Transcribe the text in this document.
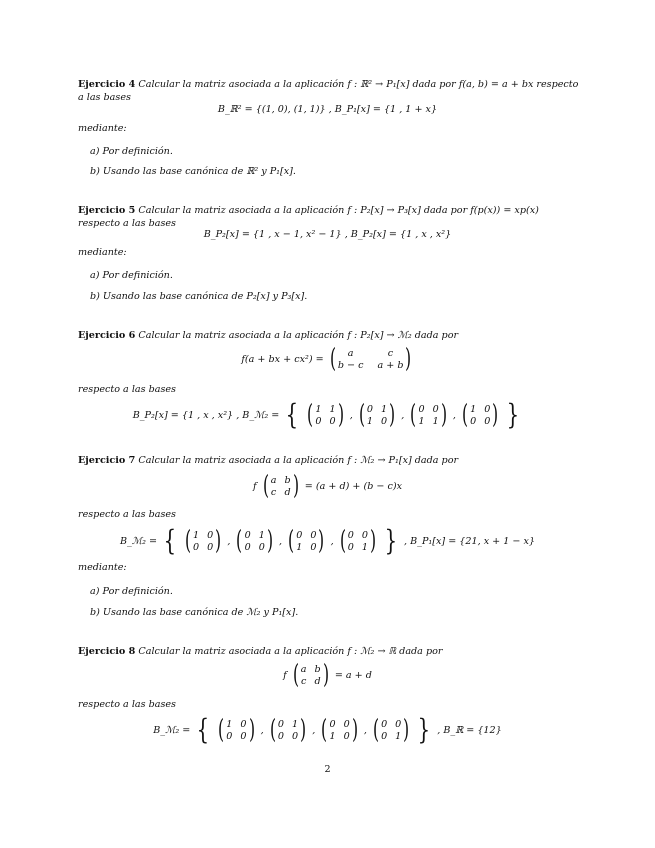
Ejercicio 4 Calcular la matriz asociada a la aplicación f : ℝ² → P₁[x] dada por f(a, b) = a + bx respecto a las bases
B_ℝ² = {(1, 0), (1, 1)} , B_P₁[x] = {1 , 1 + x}
mediante:
a) Por definición.
b) Usando las base canónica de ℝ² y P₁[x].
Ejercicio 5 Calcular la matriz asociada a la aplicación f : P₂[x] → P₃[x] dada por f(p(x)) = xp(x) respecto a las bases
B_P₂[x] = {1 , x − 1, x² − 1} , B_P₂[x] = {1 , x , x²}
mediante:
a) Por definición.
b) Usando las base canónica de P₂[x] y P₃[x].
Ejercicio 6 Calcular la matriz asociada a la aplicación f : P₂[x] → ℳ₂ dada por
f(a + bx + cx²) = (	a	c
b − c a + b )
respecto a las bases
B_P₂[x] = {1 , x , x²} , B_ℳ₂ = { ( 1 1
0 0 ) , ( 0 1
1 0 ) , ( 0 0
1 1 ) , ( 1 0
0 0 ) }
Ejercicio 7 Calcular la matriz asociada a la aplicación f : ℳ₂ → P₁[x] dada por
f ( a b
c d ) = (a + d) + (b − c)x
respecto a las bases
B_ℳ₂ = { ( 1 0
0 0 ) , ( 0 1
0 0 ) , ( 0 0
1 0 ) , ( 0 0
0 1 ) } , B_P₁[x] = {21, x + 1 − x}
mediante:
a) Por definición.
b) Usando las base canónica de ℳ₂ y P₁[x].
Ejercicio 8 Calcular la matriz asociada a la aplicación f : ℳ₂ → ℝ dada por
f ( a b
c d ) = a + d
respecto a las bases
B_ℳ₂ = { ( 1 0
0 0 ) , ( 0 1
0 0 ) , ( 0 0
1 0 ) , ( 0 0
0 1 ) } , B_ℝ = {12}
2
